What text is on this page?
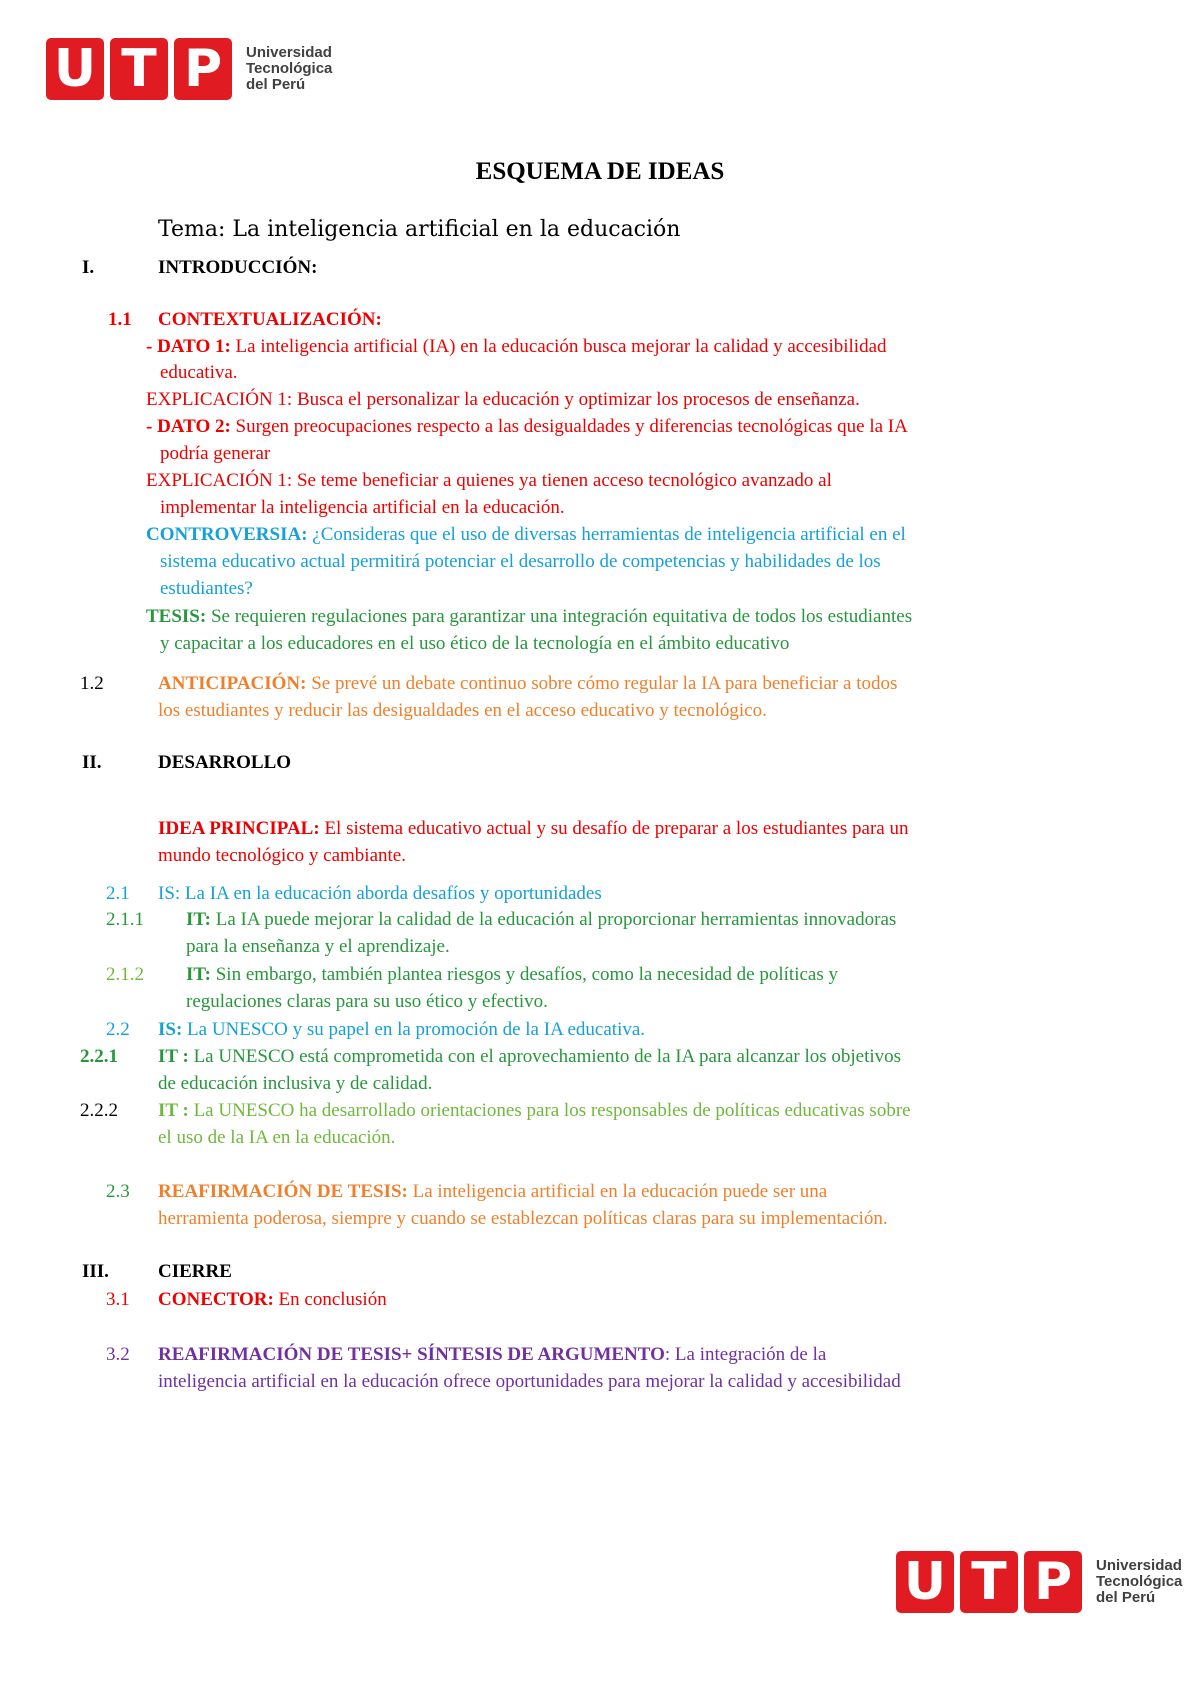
U T P	Universidad
Tecnológica
del Perú
ESQUEMA DE IDEAS
Tema: La inteligencia artificial en la educación
I.	INTRODUCCIÓN:
1.1 CONTEXTUALIZACIÓN:
- DATO 1: La inteligencia artificial (IA) en la educación busca mejorar la calidad y accesibilidad
educativa.
EXPLICACIÓN 1: Busca el personalizar la educación y optimizar los procesos de enseñanza.
- DATO 2: Surgen preocupaciones respecto a las desigualdades y diferencias tecnológicas que la IA
podría generar
EXPLICACIÓN 1: Se teme beneficiar a quienes ya tienen acceso tecnológico avanzado al
implementar la inteligencia artificial en la educación.
CONTROVERSIA: ¿Consideras que el uso de diversas herramientas de inteligencia artificial en el
sistema educativo actual permitirá potenciar el desarrollo de competencias y habilidades de los
estudiantes?
TESIS: Se requieren regulaciones para garantizar una integración equitativa de todos los estudiantes
y capacitar a los educadores en el uso ético de la tecnología en el ámbito educativo
1.2	ANTICIPACIÓN: Se prevé un debate continuo sobre cómo regular la IA para beneficiar a todos
los estudiantes y reducir las desigualdades en el acceso educativo y tecnológico.
II.	DESARROLLO
IDEA PRINCIPAL: El sistema educativo actual y su desafío de preparar a los estudiantes para un
mundo tecnológico y cambiante.
2.1 IS: La IA en la educación aborda desafíos y oportunidades
2.1.1 IT: La IA puede mejorar la calidad de la educación al proporcionar herramientas innovadoras
para la enseñanza y el aprendizaje.
2.1.2 IT: Sin embargo, también plantea riesgos y desafíos, como la necesidad de políticas y
regulaciones claras para su uso ético y efectivo.
2.2 IS: La UNESCO y su papel en la promoción de la IA educativa.
2.2.1 IT : La UNESCO está comprometida con el aprovechamiento de la IA para alcanzar los objetivos
de educación inclusiva y de calidad.
2.2.2 IT : La UNESCO ha desarrollado orientaciones para los responsables de políticas educativas sobre
el uso de la IA en la educación.
2.3 REAFIRMACIÓN DE TESIS: La inteligencia artificial en la educación puede ser una
herramienta poderosa, siempre y cuando se establezcan políticas claras para su implementación.
III.	CIERRE
3.1 CONECTOR: En conclusión
3.2 REAFIRMACIÓN DE TESIS+ SÍNTESIS DE ARGUMENTO: La integración de la
inteligencia artificial en la educación ofrece oportunidades para mejorar la calidad y accesibilidad
U T P	Universidad
Tecnológica
del Perú
